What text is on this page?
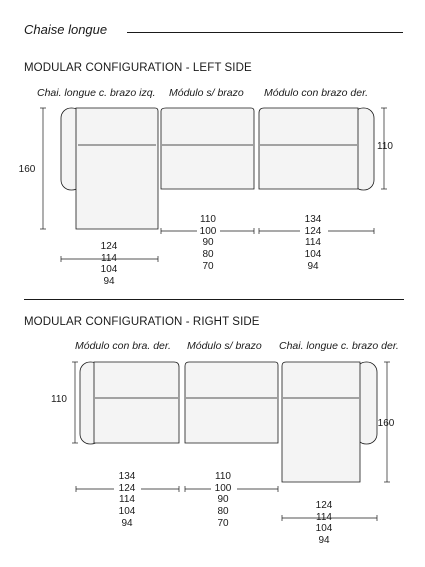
Chaise longue
MODULAR CONFIGURATION - LEFT SIDE
Chai. longue c. brazo izq. Módulo s/ brazo Módulo con brazo der.
160
110
110
100
90
80
70
134
124
114
104
94
124
114
104
94
MODULAR CONFIGURATION - RIGHT SIDE
Módulo con bra. der. Módulo s/ brazo Chai. longue c. brazo der.
110
160
134
124
114
104
94
110
100
90
80
70
124
114
104
94
